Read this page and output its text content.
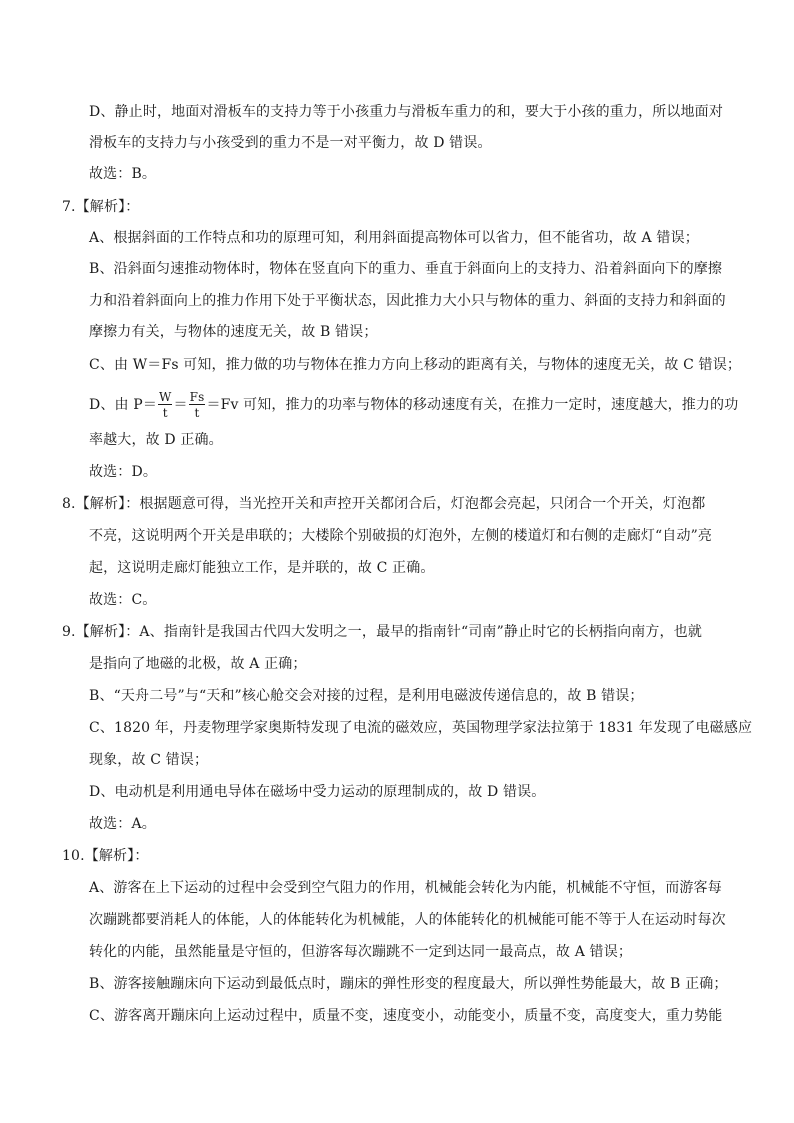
D、静止时，地面对滑板车的支持力等于小孩重力与滑板车重力的和，要大于小孩的重力，所以地面对
滑板车的支持力与小孩受到的重力不是一对平衡力，故 D 错误。
故选：B。
7.【解析】：
A、根据斜面的工作特点和功的原理可知，利用斜面提高物体可以省力，但不能省功，故 A 错误；
B、沿斜面匀速推动物体时，物体在竖直向下的重力、垂直于斜面向上的支持力、沿着斜面向下的摩擦
力和沿着斜面向上的推力作用下处于平衡状态，因此推力大小只与物体的重力、斜面的支持力和斜面的
摩擦力有关，与物体的速度无关，故 B 错误；
C、由 W＝Fs 可知，推力做的功与物体在推力方向上移动的距离有关，与物体的速度无关，故 C 错误；
D、由 $P= \frac{W}{t} = \frac{Fs}{t} =Fv$ 可知，推力的功率与物体的移动速度有关，在推力一定时，速度越大，推力的功
率越大，故 D 正确。
故选：D。
8.【解析】：根据题意可得，当光控开关和声控开关都闭合后，灯泡都会亮起，只闭合一个开关，灯泡都
不亮，这说明两个开关是串联的；大楼除个别破损的灯泡外，左侧的楼道灯和右侧的走廊灯“自动”亮
起，这说明走廊灯能独立工作，是并联的，故 C 正确。
故选：C。
9.【解析】：A、指南针是我国古代四大发明之一，最早的指南针“司南”静止时它的长柄指向南方，也就
是指向了地磁的北极，故 A 正确；
B、“天舟二号”与“天和”核心舱交会对接的过程，是利用电磁波传递信息的，故 B 错误；
C、1820 年，丹麦物理学家奥斯特发现了电流的磁效应，英国物理学家法拉第于 1831 年发现了电磁感应
现象，故 C 错误；
D、电动机是利用通电导体在磁场中受力运动的原理制成的，故 D 错误。
故选：A。
10.【解析】：
A、游客在上下运动的过程中会受到空气阻力的作用，机械能会转化为内能，机械能不守恒，而游客每
次蹦跳都要消耗人的体能，人的体能转化为机械能，人的体能转化的机械能可能不等于人在运动时每次
转化的内能，虽然能量是守恒的，但游客每次蹦跳不一定到达同一最高点，故 A 错误；
B、游客接触蹦床向下运动到最低点时，蹦床的弹性形变的程度最大，所以弹性势能最大，故 B 正确；
C、游客离开蹦床向上运动过程中，质量不变，速度变小，动能变小，质量不变，高度变大，重力势能
